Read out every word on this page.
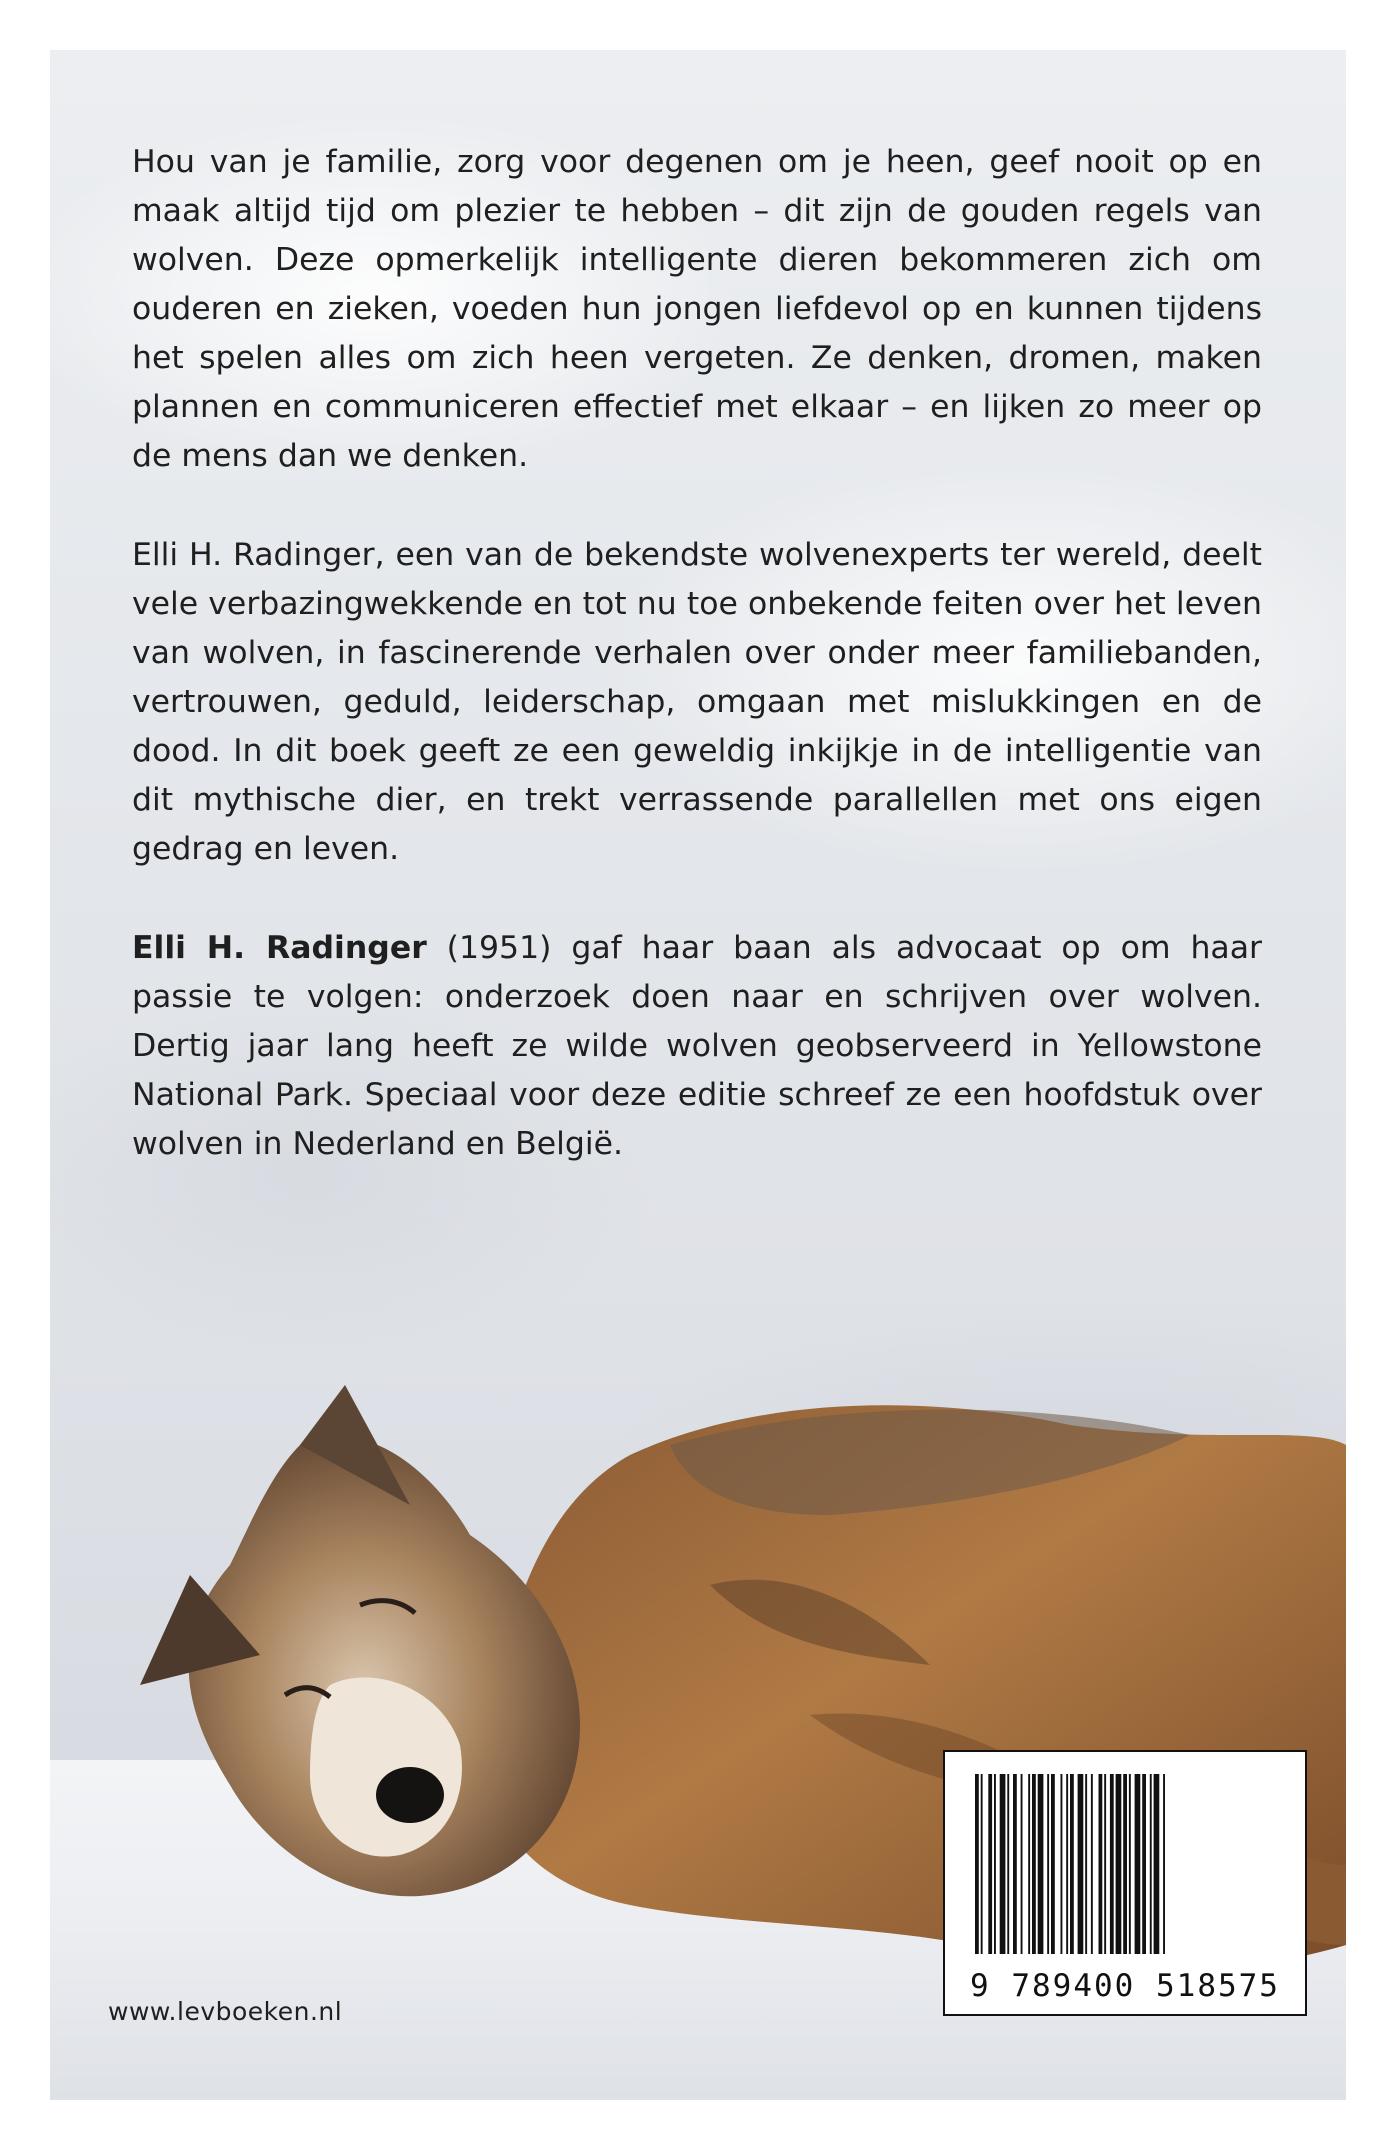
Hou van je familie, zorg voor degenen om je heen, geef nooit op en maak altijd tijd om plezier te hebben – dit zijn de gouden regels van wolven. Deze opmerkelijk intelligente dieren bekommeren zich om ouderen en zieken, voeden hun jongen liefdevol op en kunnen tijdens het spelen alles om zich heen vergeten. Ze denken, dromen, maken plannen en communiceren effectief met elkaar – en lijken zo meer op de mens dan we denken.

Elli H. Radinger, een van de bekendste wolvenexperts ter wereld, deelt vele verbazingwekkende en tot nu toe onbekende feiten over het leven van wolven, in fascinerende verhalen over onder meer familiebanden, vertrouwen, geduld, leiderschap, omgaan met mislukkingen en de dood. In dit boek geeft ze een geweldig inkijkje in de intelligentie van dit mythische dier, en trekt verrassende parallellen met ons eigen gedrag en leven.

Elli H. Radinger (1951) gaf haar baan als advocaat op om haar passie te volgen: onderzoek doen naar en schrijven over wolven. Dertig jaar lang heeft ze wilde wolven geobserveerd in Yellowstone National Park. Speciaal voor deze editie schreef ze een hoofdstuk over wolven in Nederland en België.

9 789400 518575
www.levboeken.nl
